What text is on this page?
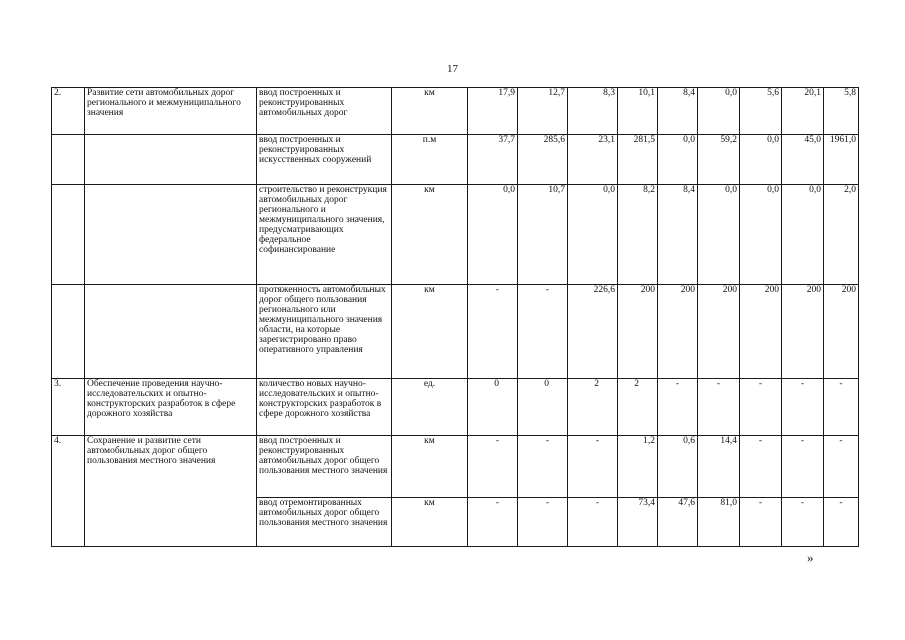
17
2.	Развитие сети автомобильных дорог регионального и межмуниципального значения	ввод построенных и реконструированных автомобильных дорог	км	17,9	12,7	8,3	10,1	8,4	0,0	5,6	20,1	5,8
		ввод построенных и реконструированных искусственных сооружений	п.м	37,7	285,6	23,1	281,5	0,0	59,2	0,0	45,0	1961,0
		строительство и реконструкция автомобильных дорог регионального и межмуниципального значения, предусматривающих федеральное софинансирование	км	0,0	10,7	0,0	8,2	8,4	0,0	0,0	0,0	2,0
		протяженность автомобильных дорог общего пользования регионального или межмуниципального значения области, на которые зарегистрировано право оперативного управления	км	-	-	226,6	200	200	200	200	200	200
3.	Обеспечение проведения научно-исследовательских и опытно-конструкторских разработок в сфере дорожного хозяйства	количество новых научно-исследовательских и опытно-конструкторских разработок в сфере дорожного хозяйства	ед.	0	0	2	2	-	-	-	-	-
4.	Сохранение и развитие сети автомобильных дорог общего пользования местного значения	ввод построенных и реконструированных автомобильных дорог общего пользования местного значения	км	-	-	-	1,2	0,6	14,4	-	-	-
		ввод отремонтированных автомобильных дорог общего пользования местного значения	км	-	-	-	73,4	47,6	81,0	-	-	-
»
